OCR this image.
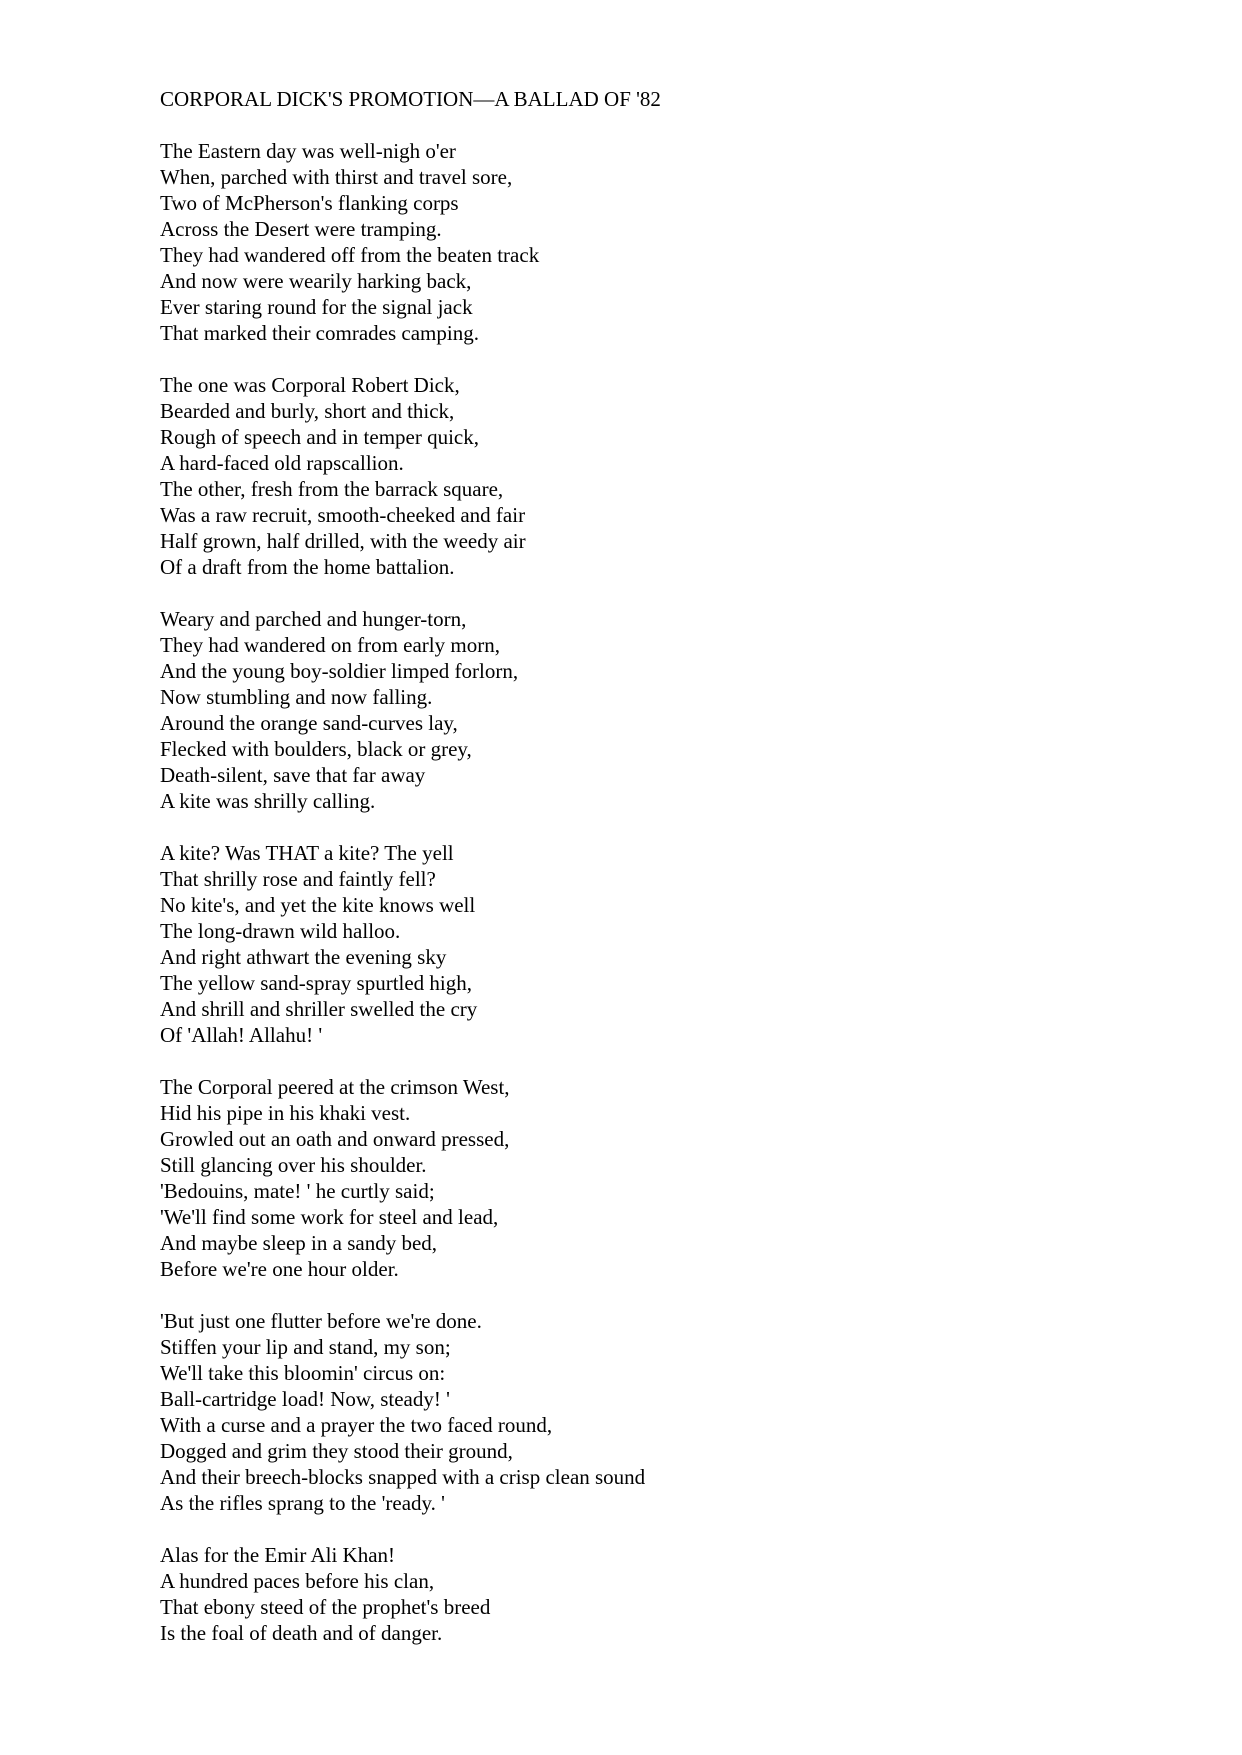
CORPORAL DICK'S PROMOTION—A BALLAD OF '82
The Eastern day was well-nigh o'er
When, parched with thirst and travel sore,
Two of McPherson's flanking corps
Across the Desert were tramping.
They had wandered off from the beaten track
And now were wearily harking back,
Ever staring round for the signal jack
That marked their comrades camping.
The one was Corporal Robert Dick,
Bearded and burly, short and thick,
Rough of speech and in temper quick,
A hard-faced old rapscallion.
The other, fresh from the barrack square,
Was a raw recruit, smooth-cheeked and fair
Half grown, half drilled, with the weedy air
Of a draft from the home battalion.
Weary and parched and hunger-torn,
They had wandered on from early morn,
And the young boy-soldier limped forlorn,
Now stumbling and now falling.
Around the orange sand-curves lay,
Flecked with boulders, black or grey,
Death-silent, save that far away
A kite was shrilly calling.
A kite? Was THAT a kite? The yell
That shrilly rose and faintly fell?
No kite's, and yet the kite knows well
The long-drawn wild halloo.
And right athwart the evening sky
The yellow sand-spray spurtled high,
And shrill and shriller swelled the cry
Of 'Allah! Allahu! '
The Corporal peered at the crimson West,
Hid his pipe in his khaki vest.
Growled out an oath and onward pressed,
Still glancing over his shoulder.
'Bedouins, mate! ' he curtly said;
'We'll find some work for steel and lead,
And maybe sleep in a sandy bed,
Before we're one hour older.
'But just one flutter before we're done.
Stiffen your lip and stand, my son;
We'll take this bloomin' circus on:
Ball-cartridge load! Now, steady! '
With a curse and a prayer the two faced round,
Dogged and grim they stood their ground,
And their breech-blocks snapped with a crisp clean sound
As the rifles sprang to the 'ready. '
Alas for the Emir Ali Khan!
A hundred paces before his clan,
That ebony steed of the prophet's breed
Is the foal of death and of danger.
